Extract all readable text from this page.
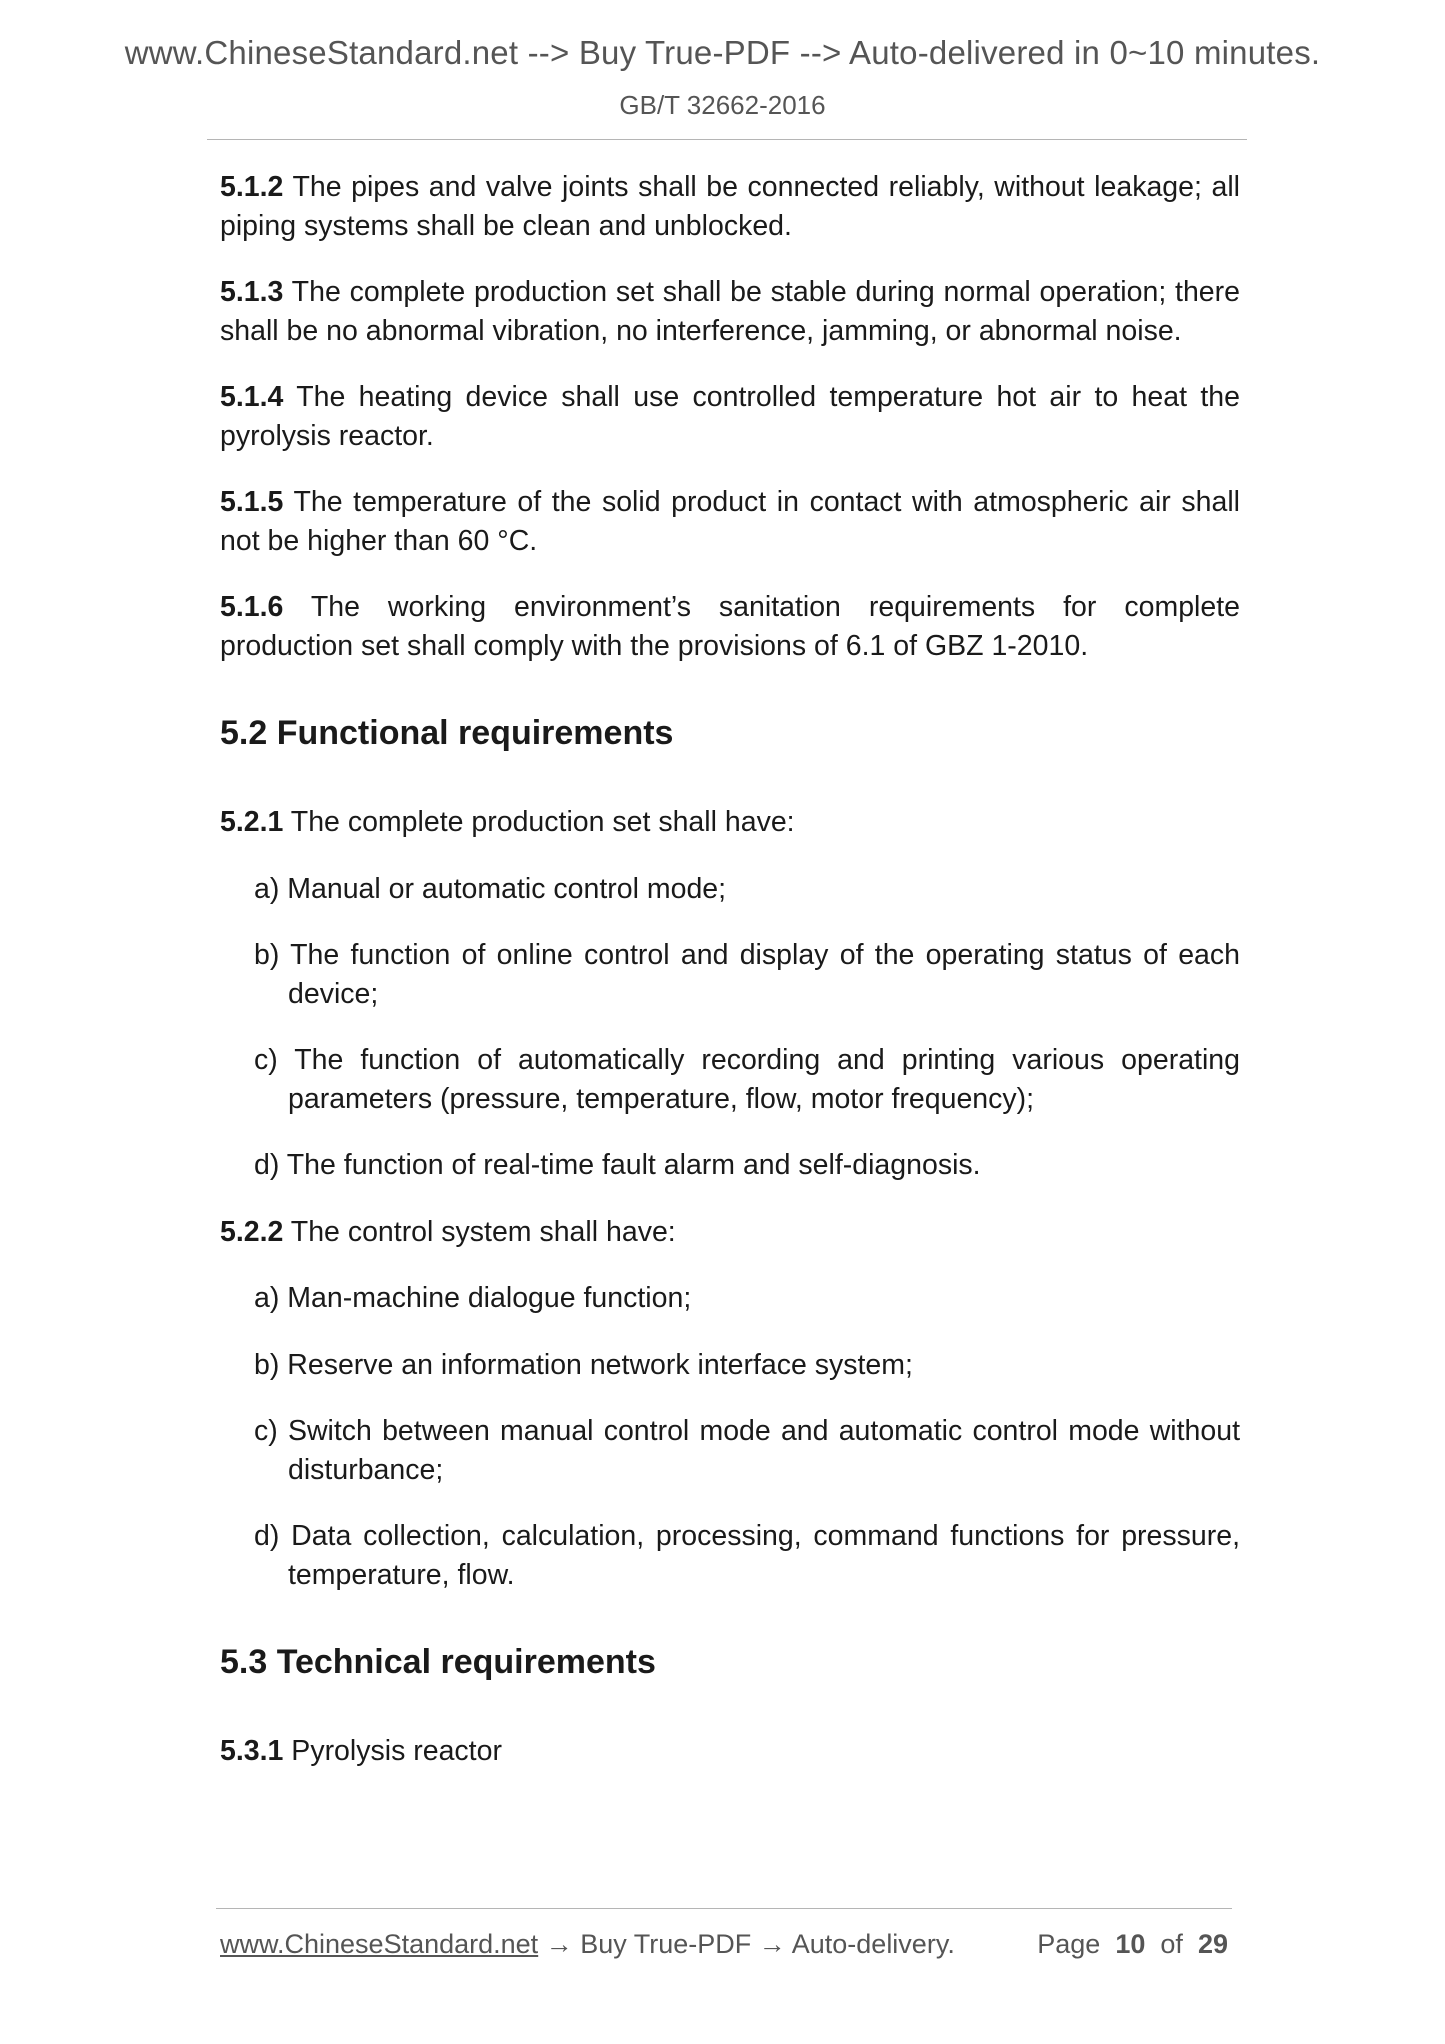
www.ChineseStandard.net --> Buy True-PDF --> Auto-delivered in 0~10 minutes.
GB/T 32662-2016

5.1.2 The pipes and valve joints shall be connected reliably, without leakage; all piping systems shall be clean and unblocked.

5.1.3 The complete production set shall be stable during normal operation; there shall be no abnormal vibration, no interference, jamming, or abnormal noise.

5.1.4 The heating device shall use controlled temperature hot air to heat the pyrolysis reactor.

5.1.5 The temperature of the solid product in contact with atmospheric air shall not be higher than 60 °C.

5.1.6 The working environment’s sanitation requirements for complete production set shall comply with the provisions of 6.1 of GBZ 1-2010.

5.2 Functional requirements

5.2.1 The complete production set shall have:

a) Manual or automatic control mode;

b) The function of online control and display of the operating status of each device;

c) The function of automatically recording and printing various operating parameters (pressure, temperature, flow, motor frequency);

d) The function of real-time fault alarm and self-diagnosis.

5.2.2 The control system shall have:

a) Man-machine dialogue function;

b) Reserve an information network interface system;

c) Switch between manual control mode and automatic control mode without disturbance;

d) Data collection, calculation, processing, command functions for pressure, temperature, flow.

5.3 Technical requirements

5.3.1 Pyrolysis reactor

www.ChineseStandard.net → Buy True-PDF → Auto-delivery.	Page 10 of 29
